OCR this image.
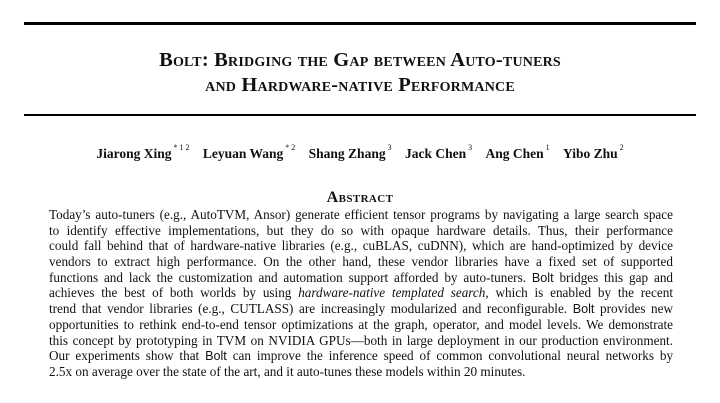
Bolt: Bridging the Gap between Auto-tuners
and Hardware-native Performance
Jiarong Xing $^{* 1 2}$ Leyuan Wang $^{* 2}$ Shang Zhang $^3$ Jack Chen $^3$ Ang Chen $^1$ Yibo Zhu $^2$
Abstract
Today’s auto-tuners (e.g., AutoTVM, Ansor) generate efficient tensor programs by navigating a large search space
to identify effective implementations, but they do so with opaque hardware details. Thus, their performance
could fall behind that of hardware-native libraries (e.g., cuBLAS, cuDNN), which are hand-optimized by device
vendors to extract high performance. On the other hand, these vendor libraries have a fixed set of supported
functions and lack the customization and automation support afforded by auto-tuners. Bolt bridges this gap and
achieves the best of both worlds by using hardware-native templated search, which is enabled by the recent
trend that vendor libraries (e.g., CUTLASS) are increasingly modularized and reconfigurable. Bolt provides new
opportunities to rethink end-to-end tensor optimizations at the graph, operator, and model levels. We demonstrate
this concept by prototyping in TVM on NVIDIA GPUs—both in large deployment in our production environment.
Our experiments show that Bolt can improve the inference speed of common convolutional neural networks by
2.5x on average over the state of the art, and it auto-tunes these models within 20 minutes.
